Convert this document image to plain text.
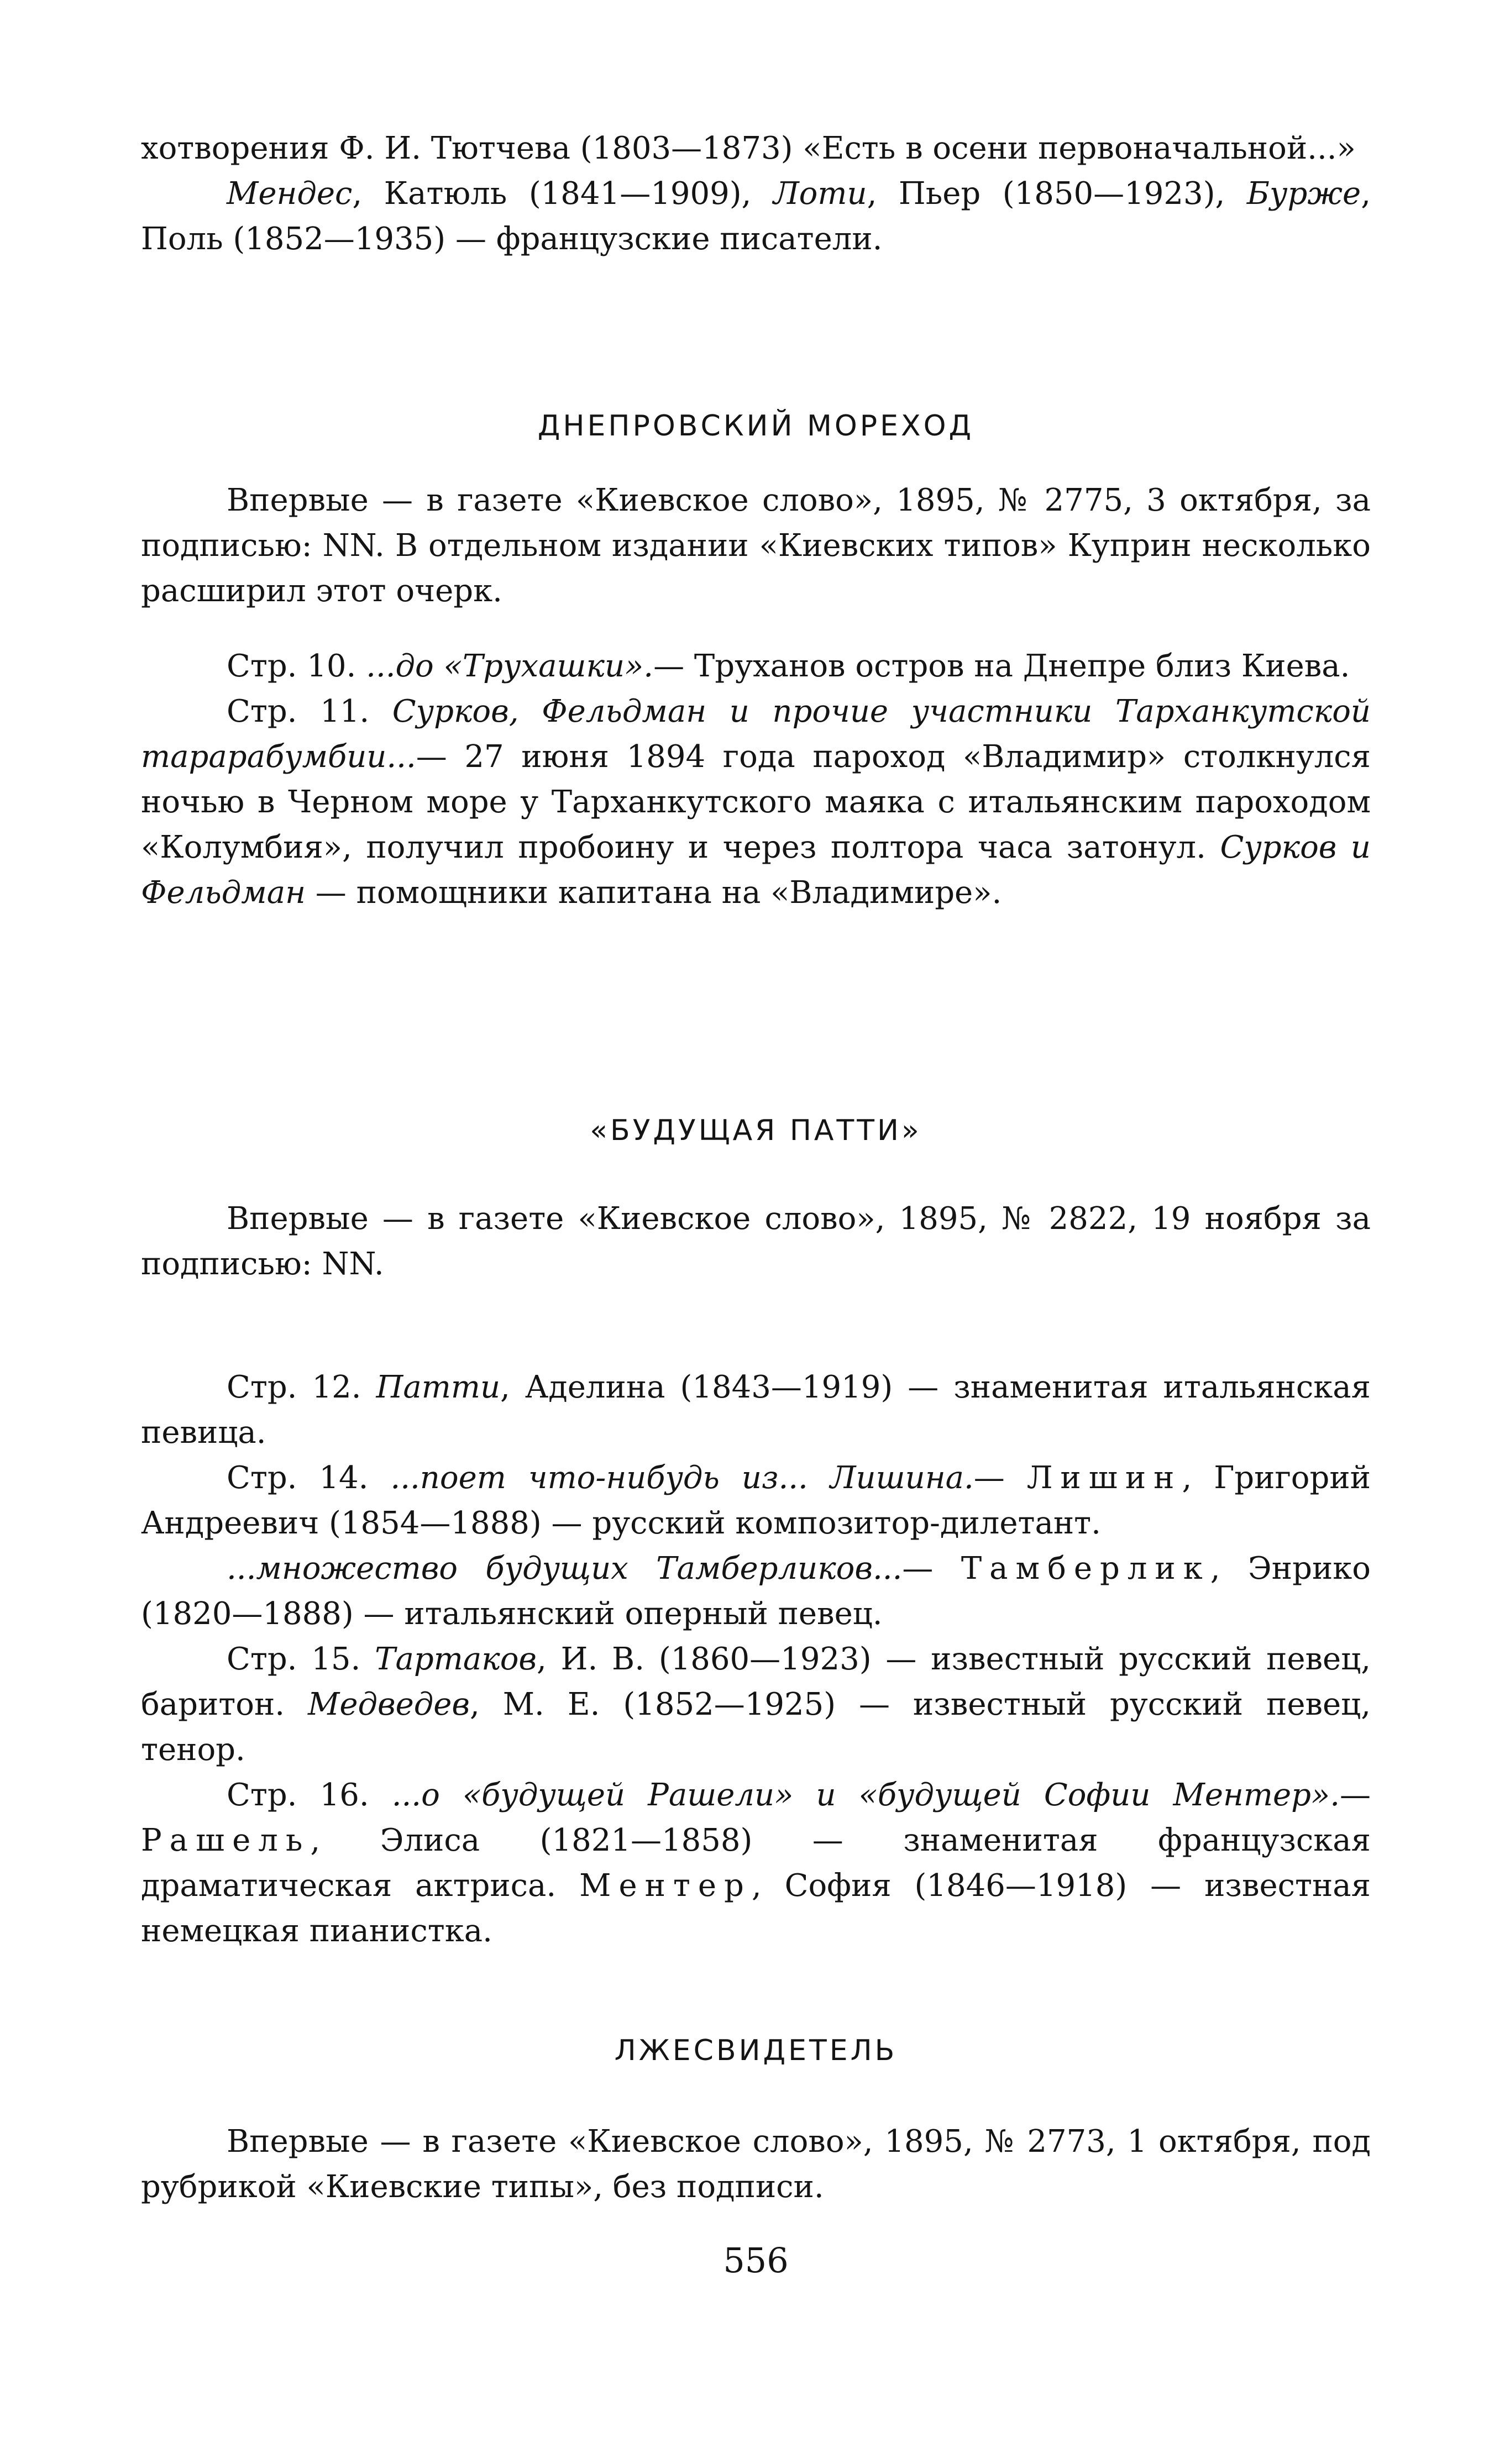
хотворения Ф. И. Тютчева (1803—1873) «Есть в осени первоначальной...»

Мендес, Катюль (1841—1909), Лоти, Пьер (1850—1923), Бурже, Поль (1852—1935) — французские писатели.

ДНЕПРОВСКИЙ МОРЕХОД

Впервые — в газете «Киевское слово», 1895, № 2775, 3 октября, за подписью: NN. В отдельном издании «Киевских типов» Куприн несколько расширил этот очерк.

Стр. 10. ...до «Трухашки».— Труханов остров на Днепре близ Киева.

Стр. 11. Сурков, Фельдман и прочие участники Тарханкутской тарарабумбии...— 27 июня 1894 года пароход «Владимир» столкнулся ночью в Черном море у Тарханкутского маяка с итальянским пароходом «Колумбия», получил пробоину и через полтора часа затонул. Сурков и Фельдман — помощники капитана на «Владимире».

«БУДУЩАЯ ПАТТИ»

Впервые — в газете «Киевское слово», 1895, № 2822, 19 ноября за подписью: NN.

Стр. 12. Патти, Аделина (1843—1919) — знаменитая итальянская певица.

Стр. 14. ...поет что-нибудь из... Лишина.— Лишин, Григорий Андреевич (1854—1888) — русский композитор-дилетант.

...множество будущих Тамберликов...— Тамберлик, Энрико (1820—1888) — итальянский оперный певец.

Стр. 15. Тартаков, И. В. (1860—1923) — известный русский певец, баритон. Медведев, М. Е. (1852—1925) — известный русский певец, тенор.

Стр. 16. ...о «будущей Рашели» и «будущей Софии Ментер».— Рашель, Элиса (1821—1858) — знаменитая французская драматическая актриса. Ментер, София (1846—1918) — известная немецкая пианистка.

ЛЖЕСВИДЕТЕЛЬ

Впервые — в газете «Киевское слово», 1895, № 2773, 1 октября, под рубрикой «Киевские типы», без подписи.

556
